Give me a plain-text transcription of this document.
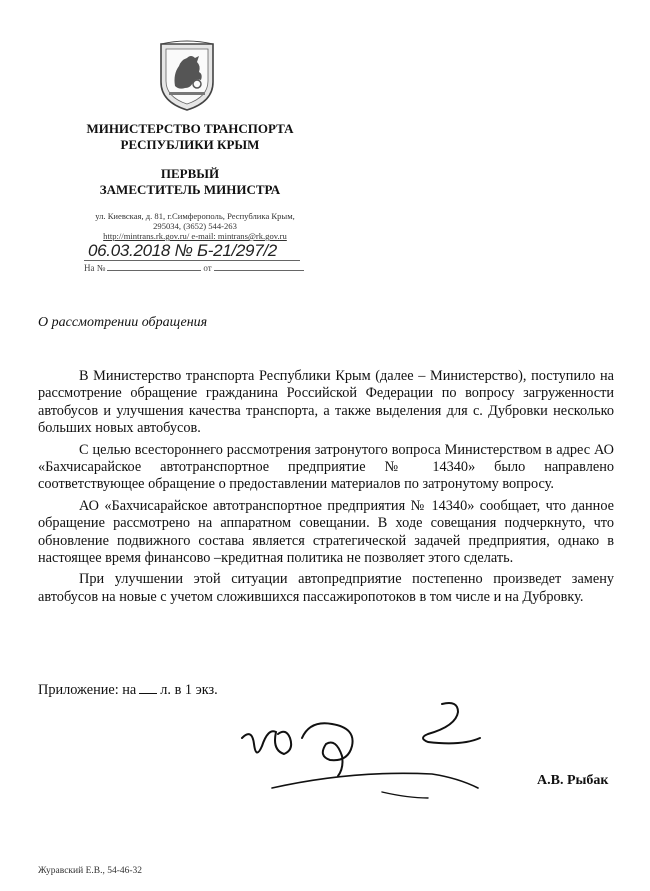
МИНИСТЕРСТВО ТРАНСПОРТА
РЕСПУБЛИКИ КРЫМ
ПЕРВЫЙ
ЗАМЕСТИТЕЛЬ МИНИСТРА
ул. Киевская, д. 81, г.Симферополь, Республика Крым,
295034, (3652) 544-263
http://mintrans.rk.gov.ru/ e-mail: mintrans@rk.gov.ru
06.03.2018 № Б-21/297/2
На №	от
О рассмотрении обращения

В Министерство транспорта Республики Крым (далее – Министерство), поступило на рассмотрение обращение гражданина Российской Федерации по вопросу загруженности автобусов и улучшения качества транспорта, а также выделения для с. Дубровки несколько больших новых автобусов.

С целью всестороннего рассмотрения затронутого вопроса Министерством в адрес АО «Бахчисарайское автотранспортное предприятие № 14340» было направлено соответствующее обращение о предоставлении материалов по затронутому вопросу.

АО «Бахчисарайское автотранспортное предприятия № 14340» сообщает, что данное обращение рассмотрено на аппаратном совещании. В ходе совещания подчеркнуто, что обновление подвижного состава является стратегической задачей предприятия, однако в настоящее время финансово –кредитная политика не позволяет этого сделать.

При улучшении этой ситуации автопредприятие постепенно произведет замену автобусов на новые с учетом сложившихся пассажиропотоков в том числе и на Дубровку.

Приложение: на л. в 1 экз.
А.В. Рыбак
Журавский Е.В., 54-46-32
